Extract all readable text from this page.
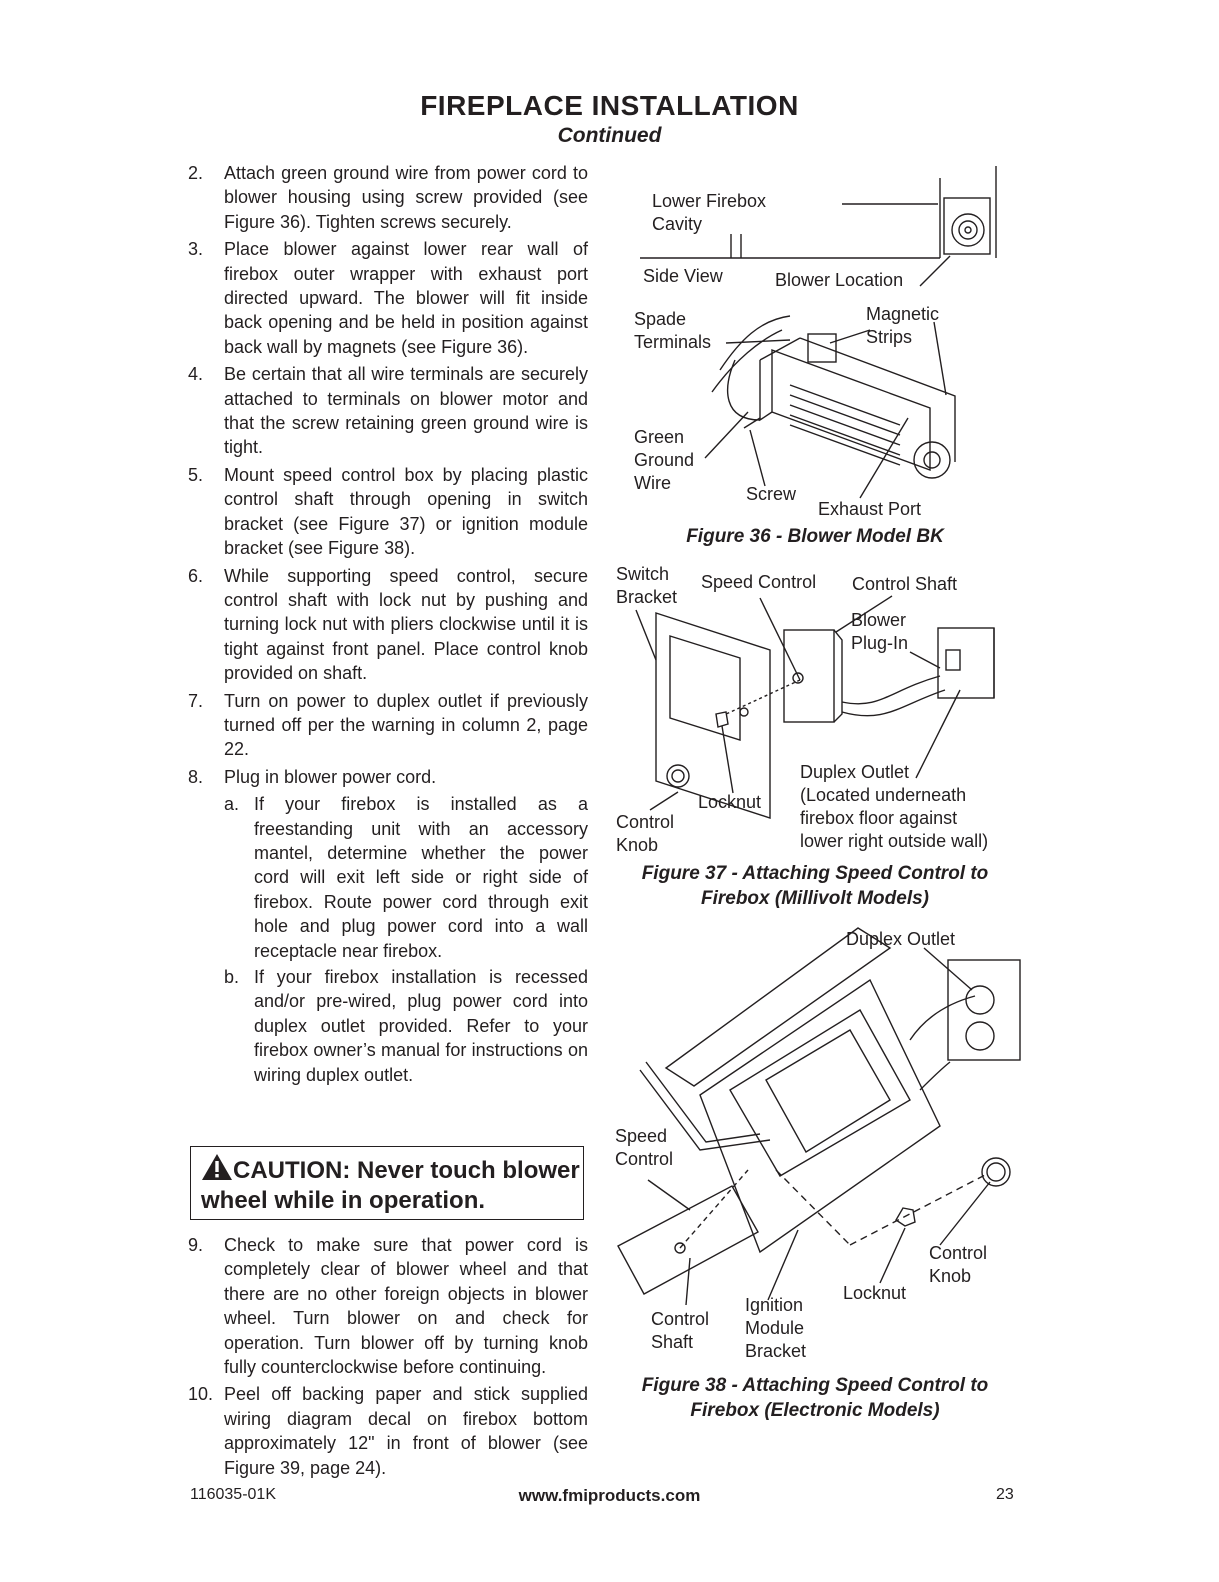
FIREPLACE INSTALLATION
Continued
2. Attach green ground wire from power cord to blower housing using screw provided (see Figure 36). Tighten screws securely.
3. Place blower against lower rear wall of firebox outer wrapper with exhaust port directed upward. The blower will fit inside back opening and be held in position against back wall by magnets (see Figure 36).
4. Be certain that all wire terminals are securely attached to terminals on blower motor and that the screw retaining green ground wire is tight.
5. Mount speed control box by placing plastic control shaft through opening in switch bracket (see Figure 37) or ignition module bracket (see Figure 38).
6. While supporting speed control, secure control shaft with lock nut by pushing and turning lock nut with pliers clockwise until it is tight against front panel. Place control knob provided on shaft.
7. Turn on power to duplex outlet if previously turned off per the warning in column 2, page 22.
8. Plug in blower power cord.
a. If your firebox is installed as a freestanding unit with an accessory mantel, determine whether the power cord will exit left side or right side of firebox. Route power cord through exit hole and plug power cord into a wall receptacle near firebox.
b. If your firebox installation is recessed and/or pre-wired, plug power cord into duplex outlet provided. Refer to your firebox owner’s manual for instructions on wiring duplex outlet.
CAUTION: Never touch blower wheel while in operation.
9. Check to make sure that power cord is completely clear of blower wheel and that there are no other foreign objects in blower wheel. Turn blower on and check for operation. Turn blower off by turning knob fully counterclockwise before continuing.
10. Peel off backing paper and stick supplied wiring diagram decal on firebox bottom approximately 12" in front of blower (see Figure 39, page 24).
Lower Firebox
Cavity
Side View	Blower Location
Spade
Terminals
Magnetic
Strips
Green
Ground
Wire
Screw
Exhaust Port
Figure 36 - Blower Model BK
Switch
Bracket
Speed Control Control Shaft
Blower
Plug-In
Locknut
Control
Knob
Duplex Outlet
(Located underneath
firebox floor against
lower right outside wall)
Figure 37 - Attaching Speed Control to
Firebox (Millivolt Models)
Duplex Outlet
Speed
Control
Control
Knob
Locknut
Ignition
Module
Bracket
Control
Shaft
Figure 38 - Attaching Speed Control to
Firebox (Electronic Models)
116035-01K	www.fmiproducts.com	23
